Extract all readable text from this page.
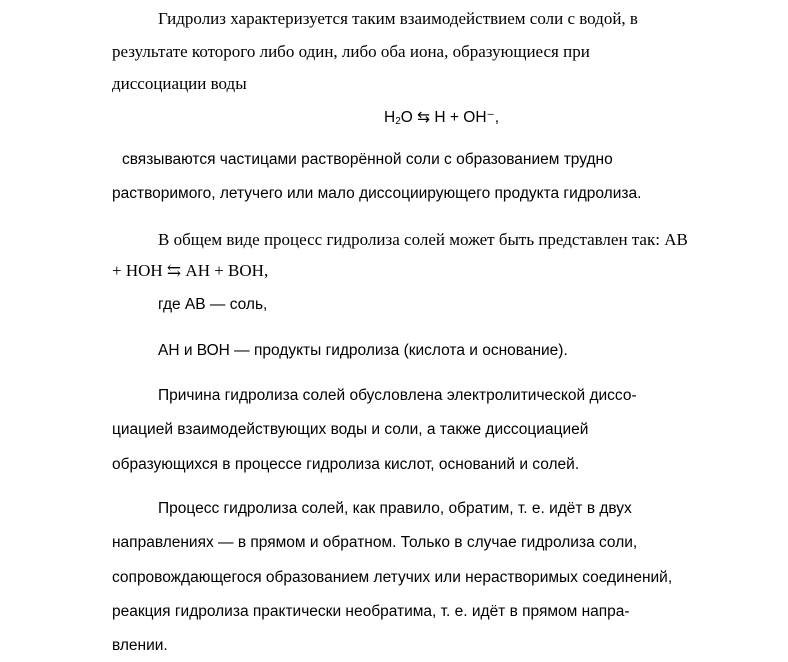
Гидролиз характеризуется таким взаимодействием соли с водой, в
результате которого либо один, либо оба иона, образующиеся при
диссоциации воды
$H_2O$ ⇆ H + OH⁻,
связываются частицами растворённой соли с образованием трудно
растворимого, летучего или мало диссоциирующего продукта гидролиза.
В общем виде процесс гидролиза солей может быть представлен так: АВ
+ НОН ⇆ АН + ВОН,
где АВ — соль,
АН и ВОН — продукты гидролиза (кислота и основание).
Причина гидролиза солей обусловлена электролитической диссо-
циацией взаимодействующих воды и соли, а также диссоциацией
образующихся в процессе гидролиза кислот, оснований и солей.
Процесс гидролиза солей, как правило, обратим, т. е. идёт в двух
направлениях — в прямом и обратном. Только в случае гидролиза соли,
сопровождающегося образованием летучих или нерастворимых соединений,
реакция гидролиза практически необратима, т. е. идёт в прямом напра-
влении.
